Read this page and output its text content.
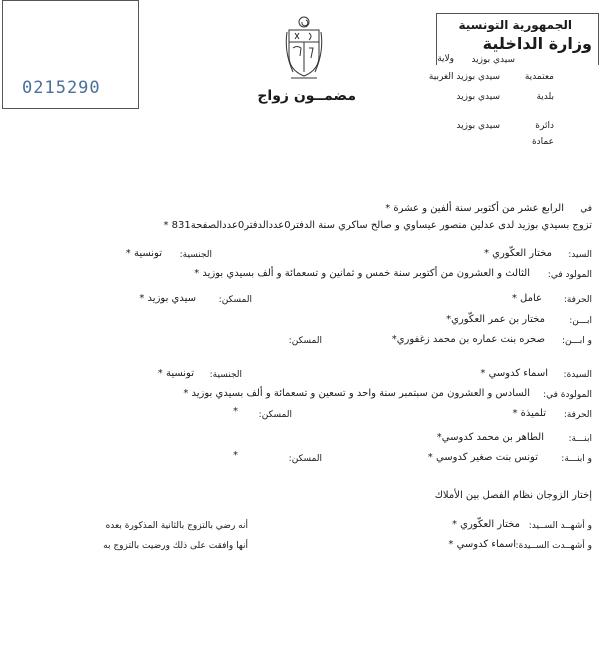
0215290
الجمهورية التونسية
وزارة الداخلية
ولاية سيدي بوزيد
مضمــون زواج
معتمدية
سيدي بوزيد الغربية
بلدية
سيدي بوزيد
دائرة
سيدي بوزيد
عمادة
في
الرابع عشر من أكتوبر سنة ألفين و عشرة *
تزوج بسيدي بوزيد لدى عدلين منصور عيساوي و صالح ساكري سنة الدفتر0عددالدفتر0عددالصفحة831 *
السيد:
مختار العكّوري *
الجنسية:
تونسية *
المولود في:
الثالث و العشرون من أكتوبر سنة خمس و ثمانين و تسعمائة و ألف بسيدي بوزيد *
الحرفة:
عامل *
المسكن:
سيدي بوزيد *
ابـــن:
مختار بن عمر العكّوري*
و ابـــن:
صحره بنت عماره بن محمد زغفوري*
المسكن:
السيدة:
اسماء كدوسي *
الجنسية:
تونسية *
المولودة في:
السادس و العشرون من سبتمبر سنة واحد و تسعين و تسعمائة و ألف بسيدي بوزيد *
الحرفة:
تلميذة *
المسكن:
*
ابنـــة:
الطاهر بن محمد كدوسي*
و ابنـــة:
تونس بنت صغير كدوسي *
المسكن:
*
إختار الزوجان نظام الفصل بين الأملاك
و أشهــد الســيد:
مختار العكّوري *
أنه رضي بالتزوج بالثانية المذكورة بعده
و أشهــدت الســيدة:
اسماء كدوسي *
أنها وافقت على ذلك ورضيت بالتزوج به
